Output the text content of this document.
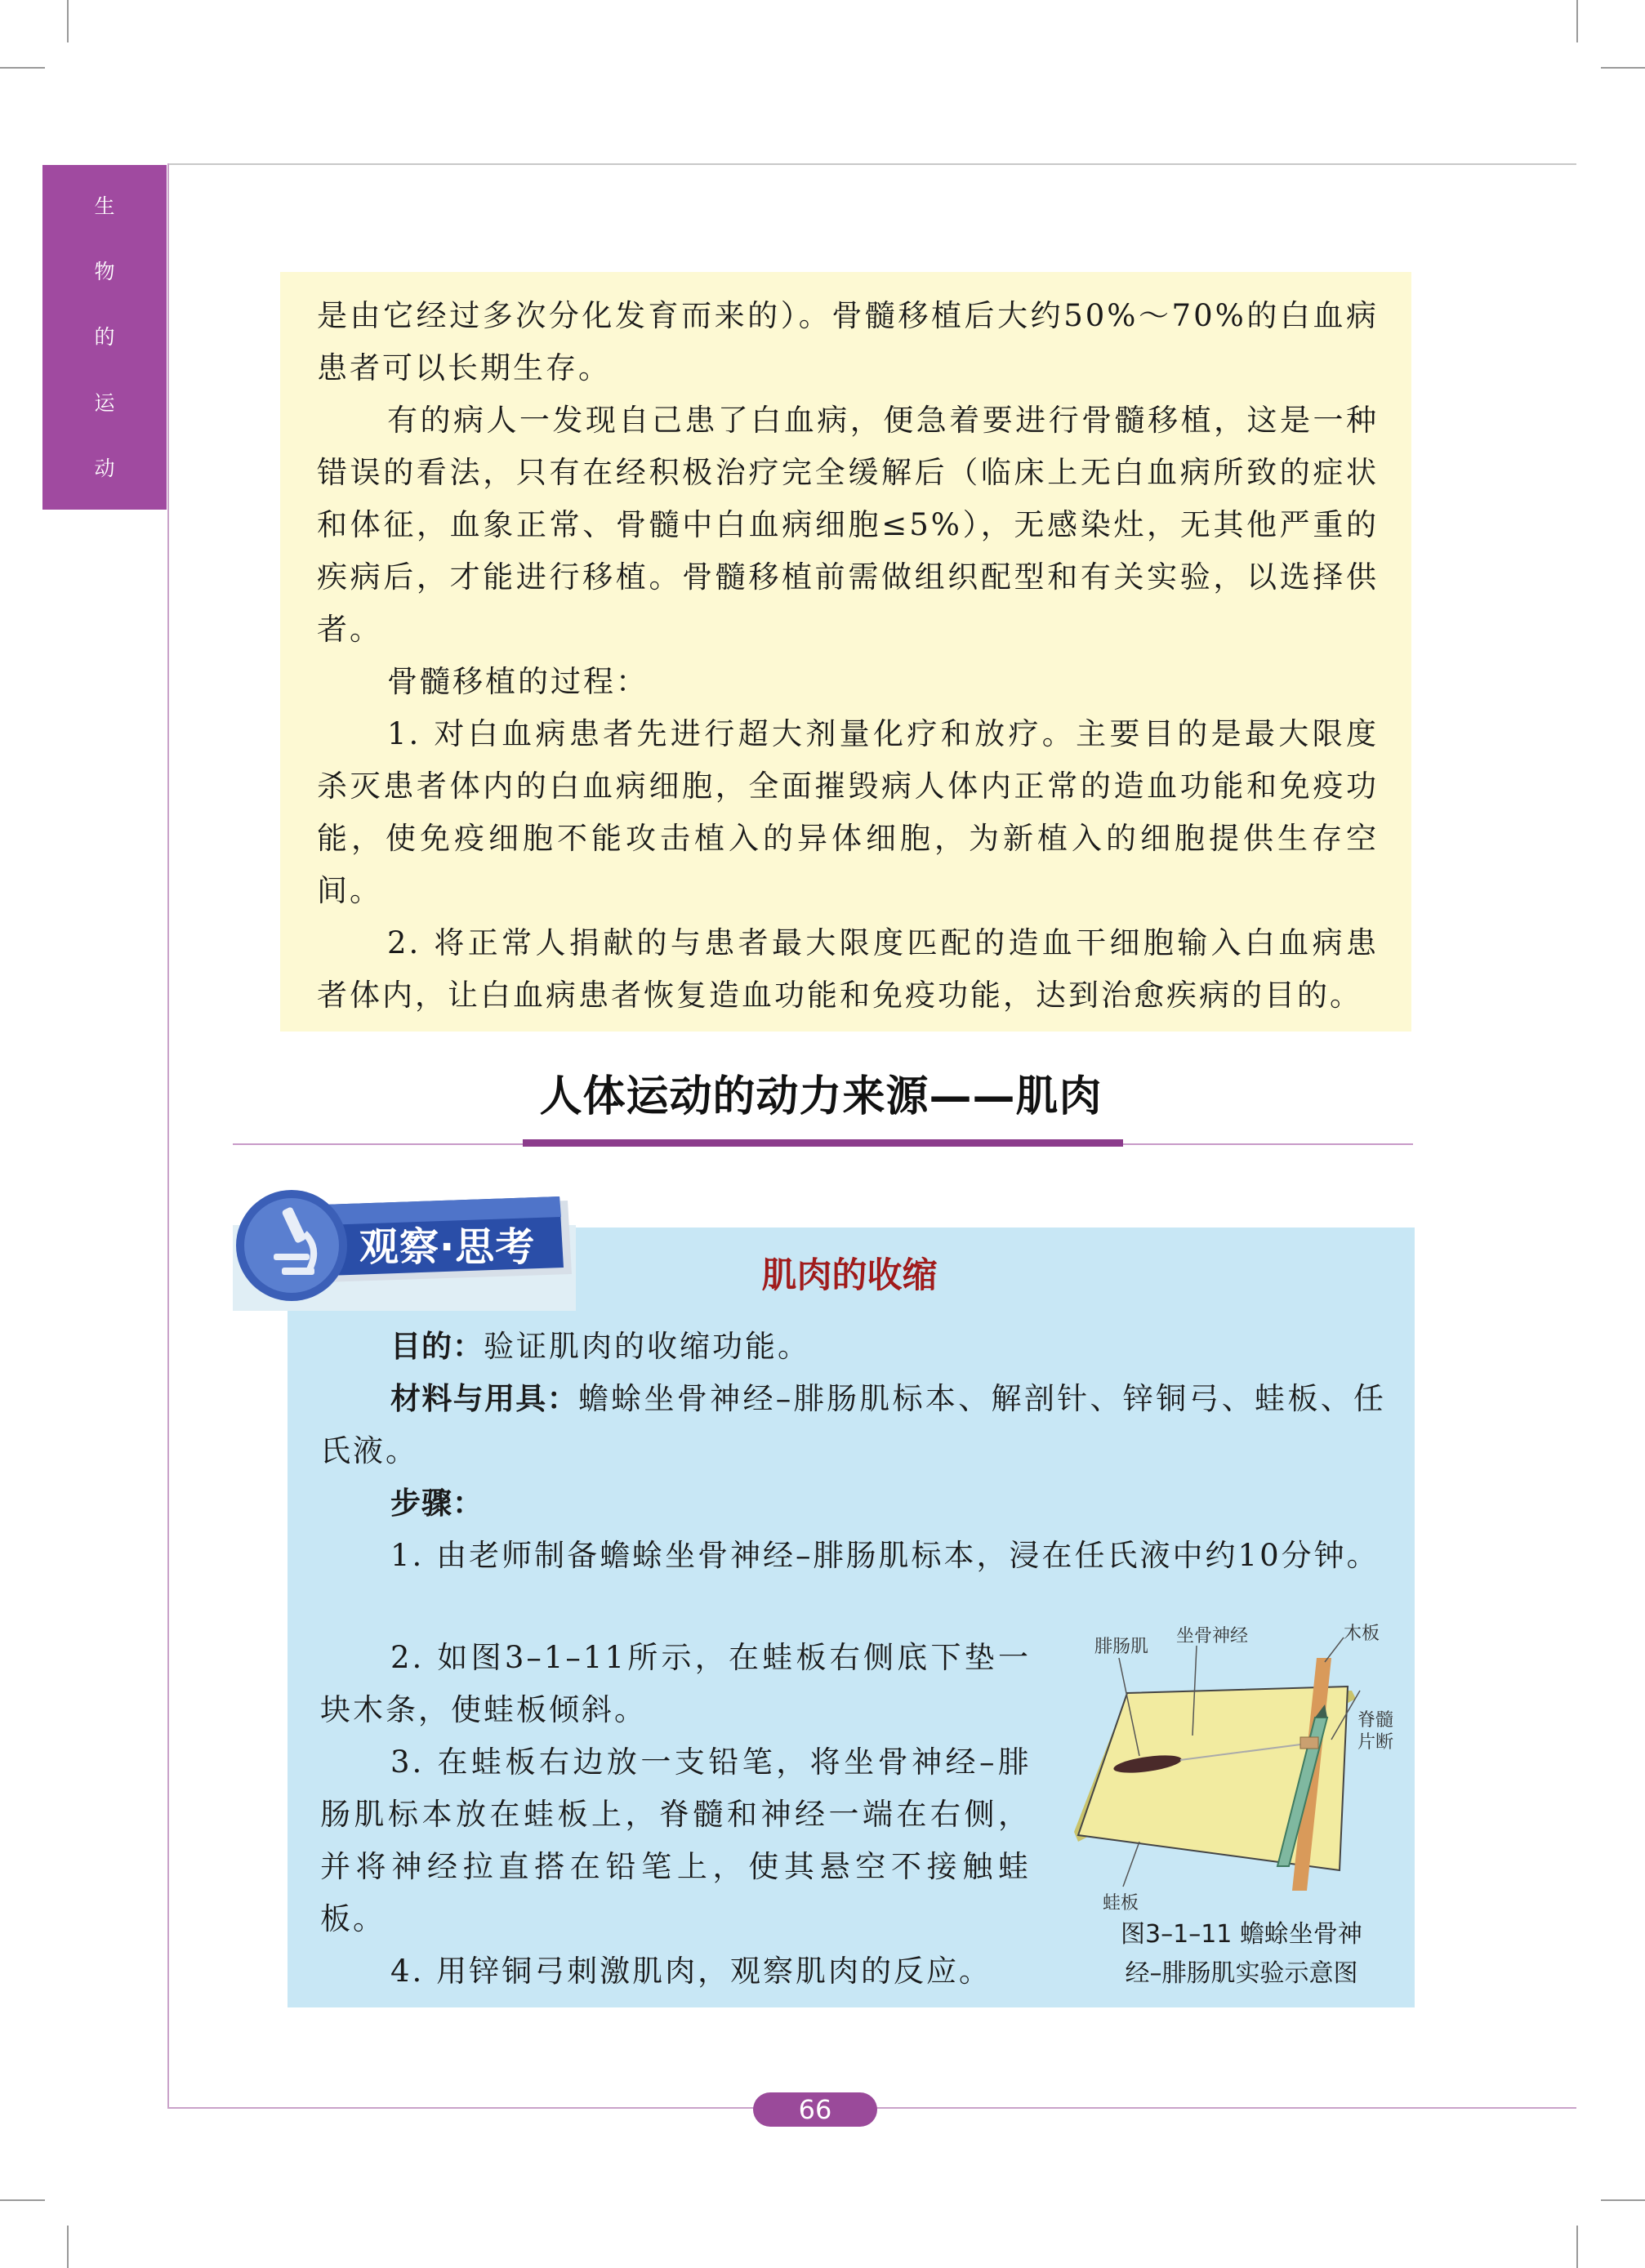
生
物
的
运
动

是由它经过多次分化发育而来的）。骨髓移植后大约50%～70%的白血病患者可以长期生存。

有的病人一发现自己患了白血病，便急着要进行骨髓移植，这是一种错误的看法，只有在经积极治疗完全缓解后（临床上无白血病所致的症状和体征，血象正常、骨髓中白血病细胞≤5%），无感染灶，无其他严重的疾病后，才能进行移植。骨髓移植前需做组织配型和有关实验，以选择供者。

骨髓移植的过程：

1. 对白血病患者先进行超大剂量化疗和放疗。主要目的是最大限度杀灭患者体内的白血病细胞，全面摧毁病人体内正常的造血功能和免疫功能，使免疫细胞不能攻击植入的异体细胞，为新植入的细胞提供生存空间。

2. 将正常人捐献的与患者最大限度匹配的造血干细胞输入白血病患者体内，让白血病患者恢复造血功能和免疫功能，达到治愈疾病的目的。

人体运动的动力来源——肌肉
观察·思考
肌肉的收缩

目的：验证肌肉的收缩功能。

材料与用具：蟾蜍坐骨神经–腓肠肌标本、解剖针、锌铜弓、蛙板、任氏液。

步骤：

1. 由老师制备蟾蜍坐骨神经–腓肠肌标本，浸在任氏液中约10分钟。

2. 如图3–1–11所示，在蛙板右侧底下垫一块木条，使蛙板倾斜。

3. 在蛙板右边放一支铅笔，将坐骨神经–腓肠肌标本放在蛙板上，脊髓和神经一端在右侧，并将神经拉直搭在铅笔上，使其悬空不接触蛙板。

4. 用锌铜弓刺激肌肉，观察肌肉的反应。

腓肠肌
坐骨神经	木板
脊髓
片断
蛙板
图3–1–11 蟾蜍坐骨神
经–腓肠肌实验示意图
66
